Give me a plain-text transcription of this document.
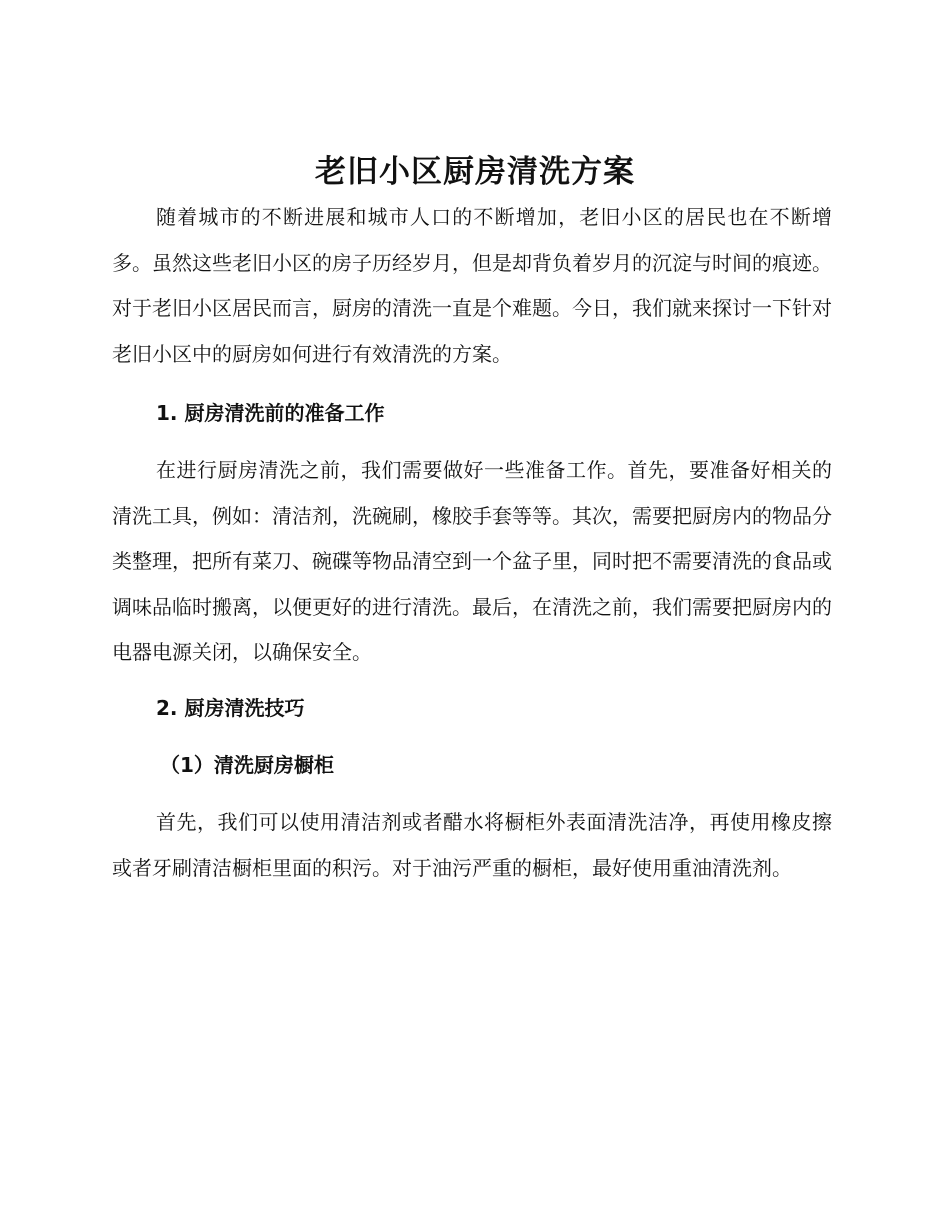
老旧小区厨房清洗方案

随着城市的不断进展和城市人口的不断增加，老旧小区的居民也在不断增多。虽然这些老旧小区的房子历经岁月，但是却背负着岁月的沉淀与时间的痕迹。对于老旧小区居民而言，厨房的清洗一直是个难题。今日，我们就来探讨一下针对老旧小区中的厨房如何进行有效清洗的方案。

1. 厨房清洗前的准备工作

在进行厨房清洗之前，我们需要做好一些准备工作。首先，要准备好相关的清洗工具，例如：清洁剂，洗碗刷，橡胶手套等等。其次，需要把厨房内的物品分类整理，把所有菜刀、碗碟等物品清空到一个盆子里，同时把不需要清洗的食品或调味品临时搬离，以便更好的进行清洗。最后，在清洗之前，我们需要把厨房内的电器电源关闭，以确保安全。

2. 厨房清洗技巧
（1）清洗厨房橱柜

首先，我们可以使用清洁剂或者醋水将橱柜外表面清洗洁净，再使用橡皮擦或者牙刷清洁橱柜里面的积污。对于油污严重的橱柜，最好使用重油清洗剂。
